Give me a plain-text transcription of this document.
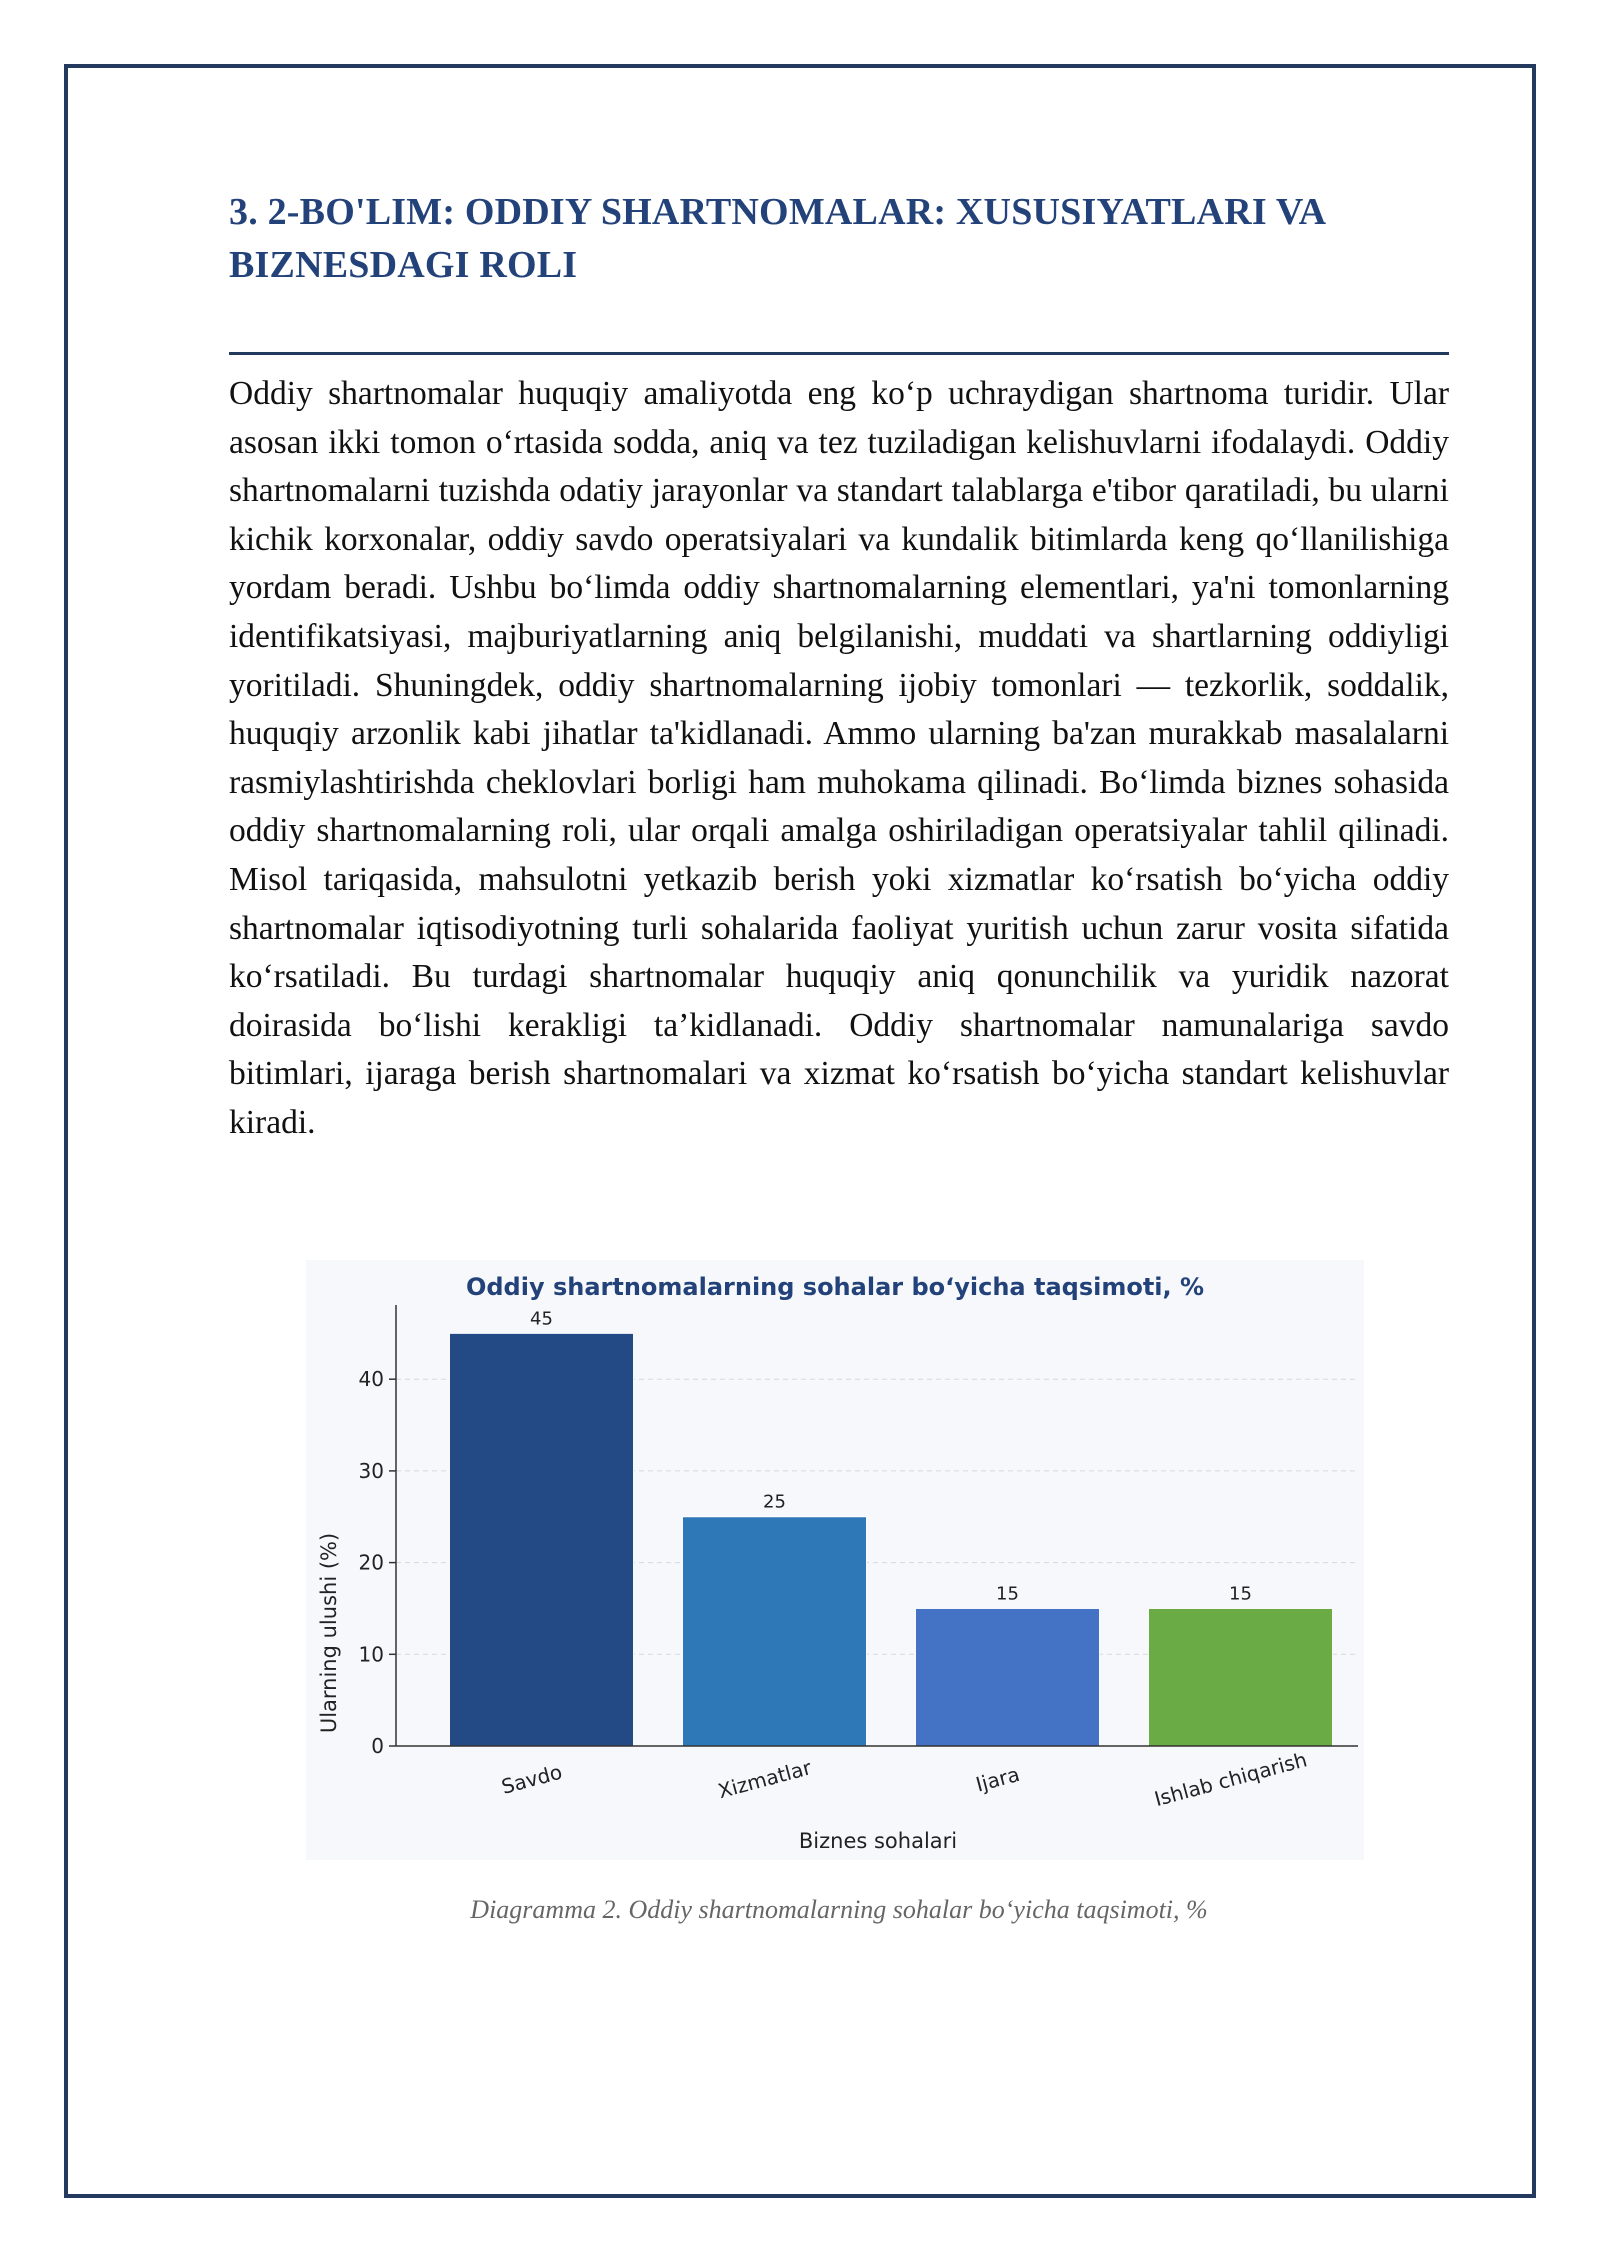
3. 2-BO'LIM: ODDIY SHARTNOMALAR: XUSUSIYATLARI VA BIZNESDAGI ROLI

Oddiy shartnomalar huquqiy amaliyotda eng ko‘p uchraydigan shartnoma turidir. Ular asosan ikki tomon o‘rtasida sodda, aniq va tez tuziladigan kelishuvlarni ifodalaydi. Oddiy shartnomalarni tuzishda odatiy jarayonlar va standart talablarga e'tibor qaratiladi, bu ularni kichik korxonalar, oddiy savdo operatsiyalari va kundalik bitimlarda keng qo‘llanilishiga yordam beradi. Ushbu bo‘limda oddiy shartnomalarning elementlari, ya'ni tomonlarning identifikatsiyasi, majburiyatlarning aniq belgilanishi, muddati va shartlarning oddiyligi yoritiladi. Shuningdek, oddiy shartnomalarning ijobiy tomonlari — tezkorlik, soddalik, huquqiy arzonlik kabi jihatlar ta'kidlanadi. Ammo ularning ba'zan murakkab masalalarni rasmiylashtirishda cheklovlari borligi ham muhokama qilinadi. Bo‘limda biznes sohasida oddiy shartnomalarning roli, ular orqali amalga oshiriladigan operatsiyalar tahlil qilinadi. Misol tariqasida, mahsulotni yetkazib berish yoki xizmatlar ko‘rsatish bo‘yicha oddiy shartnomalar iqtisodiyotning turli sohalarida faoliyat yuritish uchun zarur vosita sifatida ko‘rsatiladi. Bu turdagi shartnomalar huquqiy aniq qonunchilik va yuridik nazorat doirasida bo‘lishi kerakligi ta’kidlanadi. Oddiy shartnomalar namunalariga savdo bitimlari, ijaraga berish shartnomalari va xizmat ko‘rsatish bo‘yicha standart kelishuvlar kiradi.

Oddiy shartnomalarning sohalar bo‘yicha taqsimoti, %
45
25
15	15
0
10
20
30
40
Savdo	Xizmatlar	Ijara	Ishlab chiqarish
Biznes sohalari
Ularning ulushi (%)

Diagramma 2. Oddiy shartnomalarning sohalar bo‘yicha taqsimoti, %
